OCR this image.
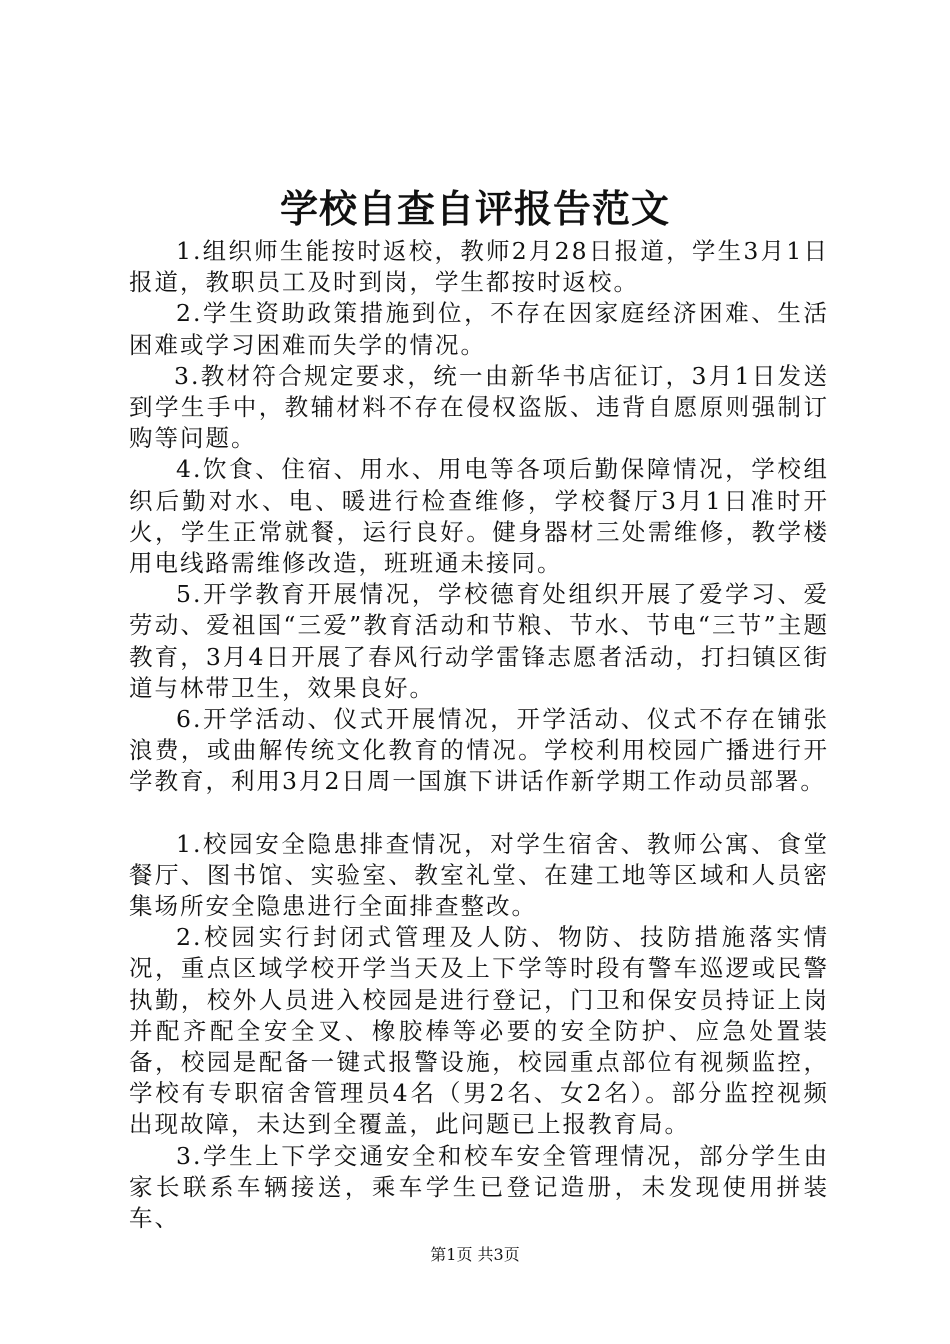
学校自查自评报告范文

1.组织师生能按时返校，教师2月28日报道，学生3月1日报道，教职员工及时到岗，学生都按时返校。

2.学生资助政策措施到位，不存在因家庭经济困难、生活困难或学习困难而失学的情况。

3.教材符合规定要求，统一由新华书店征订，3月1日发送到学生手中，教辅材料不存在侵权盗版、违背自愿原则强制订购等问题。

4.饮食、住宿、用水、用电等各项后勤保障情况，学校组织后勤对水、电、暖进行检查维修，学校餐厅3月1日准时开火，学生正常就餐，运行良好。健身器材三处需维修，教学楼用电线路需维修改造，班班通未接同。

5.开学教育开展情况，学校德育处组织开展了爱学习、爱劳动、爱祖国“三爱”教育活动和节粮、节水、节电“三节”主题教育，3月4日开展了春风行动学雷锋志愿者活动，打扫镇区街道与林带卫生，效果良好。

6.开学活动、仪式开展情况，开学活动、仪式不存在铺张浪费，或曲解传统文化教育的情况。学校利用校园广播进行开学教育，利用3月2日周一国旗下讲话作新学期工作动员部署。

1.校园安全隐患排查情况，对学生宿舍、教师公寓、食堂餐厅、图书馆、实验室、教室礼堂、在建工地等区域和人员密集场所安全隐患进行全面排查整改。

2.校园实行封闭式管理及人防、物防、技防措施落实情况，重点区域学校开学当天及上下学等时段有警车巡逻或民警执勤，校外人员进入校园是进行登记，门卫和保安员持证上岗并配齐配全安全叉、橡胶棒等必要的安全防护、应急处置装备，校园是配备一键式报警设施，校园重点部位有视频监控，学校有专职宿舍管理员4名（男2名、女2名）。部分监控视频出现故障，未达到全覆盖，此问题已上报教育局。

3.学生上下学交通安全和校车安全管理情况，部分学生由家长联系车辆接送，乘车学生已登记造册，未发现使用拼装车、

第1页 共3页
